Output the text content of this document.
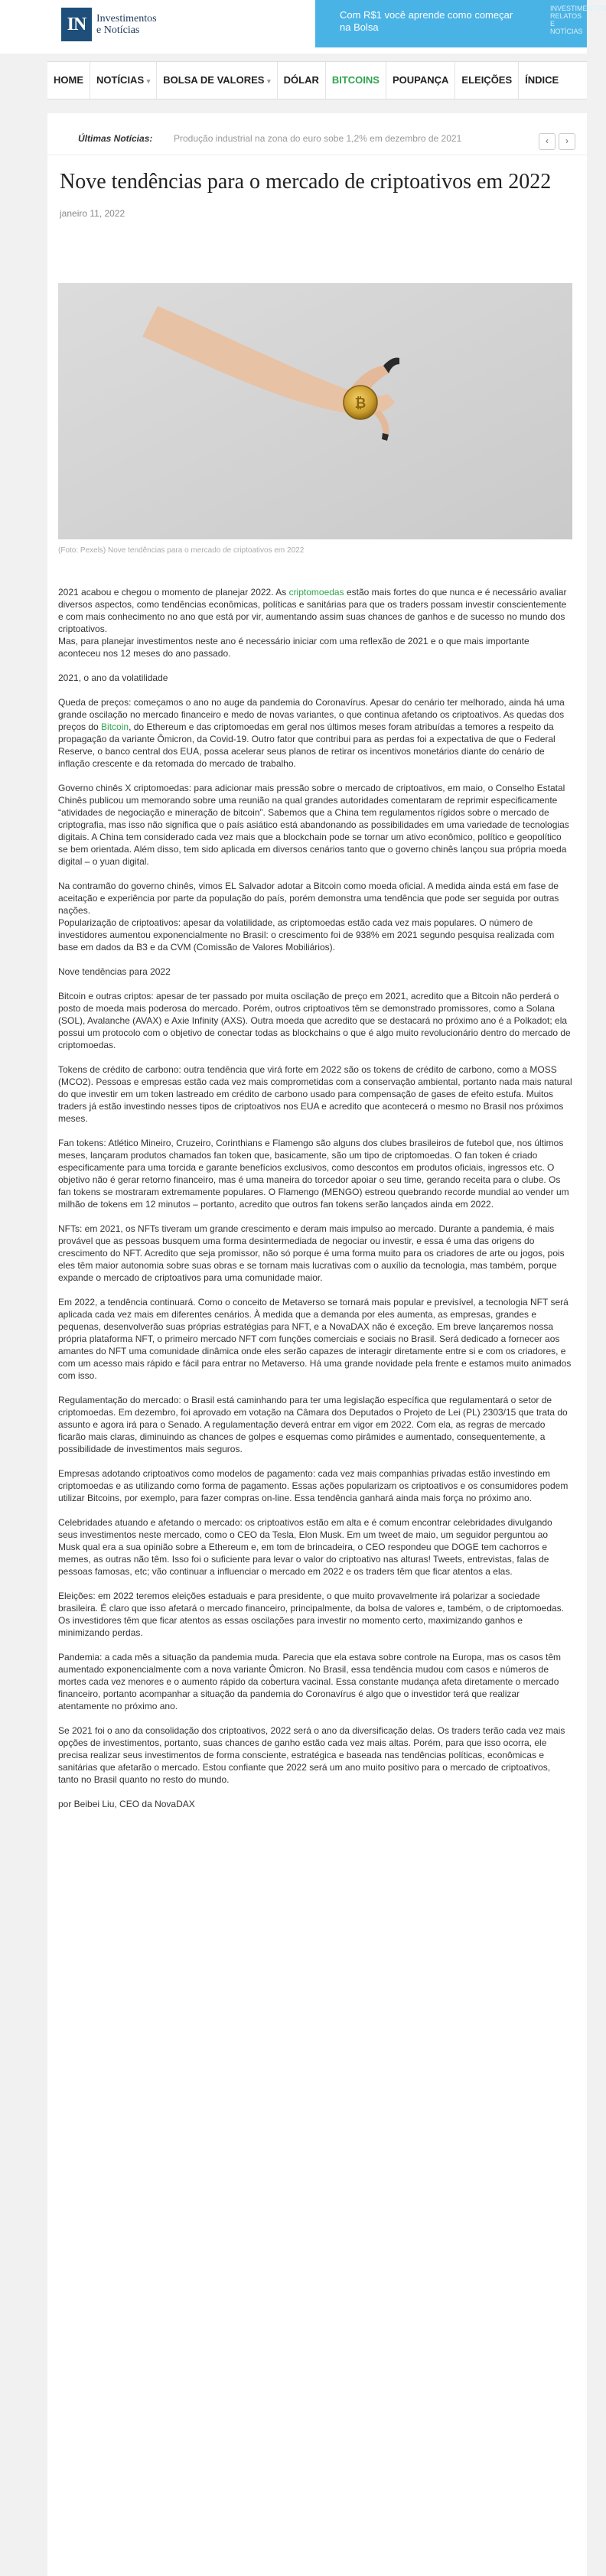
IN Investimentos
e Notícias
Com R$1 você aprende como começar na Bolsa
INVESTIMENTOS RELATOS E NOTÍCIAS
HOME	NOTÍCIAS ▾	BOLSA DE VALORES ▾	DÓLAR	BITCOINS	POUPANÇA	ELEIÇÕES	ÍNDICE
Últimas Notícias: Produção industrial na zona do euro sobe 1,2% em dezembro de 2021	‹	›
Nove tendências para o mercado de criptoativos em 2022
janeiro 11, 2022
₿
(Foto: Pexels) Nove tendências para o mercado de criptoativos em 2022

2021 acabou e chegou o momento de planejar 2022. As criptomoedas estão mais fortes do que nunca e é necessário avaliar diversos aspectos, como tendências econômicas, políticas e sanitárias para que os traders possam investir conscientemente e com mais conhecimento no ano que está por vir, aumentando assim suas chances de ganhos e de sucesso no mundo dos criptoativos.
Mas, para planejar investimentos neste ano é necessário iniciar com uma reflexão de 2021 e o que mais importante aconteceu nos 12 meses do ano passado.

2021, o ano da volatilidade

Queda de preços: começamos o ano no auge da pandemia do Coronavírus. Apesar do cenário ter melhorado, ainda há uma grande oscilação no mercado financeiro e medo de novas variantes, o que continua afetando os criptoativos. As quedas dos preços do Bitcoin, do Ethereum e das criptomoedas em geral nos últimos meses foram atribuídas a temores a respeito da propagação da variante Ômicron, da Covid-19. Outro fator que contribui para as perdas foi a expectativa de que o Federal Reserve, o banco central dos EUA, possa acelerar seus planos de retirar os incentivos monetários diante do cenário de inflação crescente e da retomada do mercado de trabalho.

Governo chinês X criptomoedas: para adicionar mais pressão sobre o mercado de criptoativos, em maio, o Conselho Estatal Chinês publicou um memorando sobre uma reunião na qual grandes autoridades comentaram de reprimir especificamente “atividades de negociação e mineração de bitcoin”. Sabemos que a China tem regulamentos rígidos sobre o mercado de criptografia, mas isso não significa que o país asiático está abandonando as possibilidades em uma variedade de tecnologias digitais. A China tem considerado cada vez mais que a blockchain pode se tornar um ativo econômico, político e geopolítico se bem orientada. Além disso, tem sido aplicada em diversos cenários tanto que o governo chinês lançou sua própria moeda digital – o yuan digital.

Na contramão do governo chinês, vimos EL Salvador adotar a Bitcoin como moeda oficial. A medida ainda está em fase de aceitação e experiência por parte da população do país, porém demonstra uma tendência que pode ser seguida por outras nações.
Popularização de criptoativos: apesar da volatilidade, as criptomoedas estão cada vez mais populares. O número de investidores aumentou exponencialmente no Brasil: o crescimento foi de 938% em 2021 segundo pesquisa realizada com base em dados da B3 e da CVM (Comissão de Valores Mobiliários).

Nove tendências para 2022

Bitcoin e outras criptos: apesar de ter passado por muita oscilação de preço em 2021, acredito que a Bitcoin não perderá o posto de moeda mais poderosa do mercado. Porém, outros criptoativos têm se demonstrado promissores, como a Solana (SOL), Avalanche (AVAX) e Axie Infinity (AXS). Outra moeda que acredito que se destacará no próximo ano é a Polkadot; ela possui um protocolo com o objetivo de conectar todas as blockchains o que é algo muito revolucionário dentro do mercado de criptomoedas.

Tokens de crédito de carbono: outra tendência que virá forte em 2022 são os tokens de crédito de carbono, como a MOSS (MCO2). Pessoas e empresas estão cada vez mais comprometidas com a conservação ambiental, portanto nada mais natural do que investir em um token lastreado em crédito de carbono usado para compensação de gases de efeito estufa. Muitos traders já estão investindo nesses tipos de criptoativos nos EUA e acredito que acontecerá o mesmo no Brasil nos próximos meses.

Fan tokens: Atlético Mineiro, Cruzeiro, Corinthians e Flamengo são alguns dos clubes brasileiros de futebol que, nos últimos meses, lançaram produtos chamados fan token que, basicamente, são um tipo de criptomoedas. O fan token é criado especificamente para uma torcida e garante benefícios exclusivos, como descontos em produtos oficiais, ingressos etc. O objetivo não é gerar retorno financeiro, mas é uma maneira do torcedor apoiar o seu time, gerando receita para o clube. Os fan tokens se mostraram extremamente populares. O Flamengo (MENGO) estreou quebrando recorde mundial ao vender um milhão de tokens em 12 minutos – portanto, acredito que outros fan tokens serão lançados ainda em 2022.

NFTs: em 2021, os NFTs tiveram um grande crescimento e deram mais impulso ao mercado. Durante a pandemia, é mais provável que as pessoas busquem uma forma desintermediada de negociar ou investir, e essa é uma das origens do crescimento do NFT. Acredito que seja promissor, não só porque é uma forma muito para os criadores de arte ou jogos, pois eles têm maior autonomia sobre suas obras e se tornam mais lucrativas com o auxílio da tecnologia, mas também, porque expande o mercado de criptoativos para uma comunidade maior.

Em 2022, a tendência continuará. Como o conceito de Metaverso se tornará mais popular e previsível, a tecnologia NFT será aplicada cada vez mais em diferentes cenários. À medida que a demanda por eles aumenta, as empresas, grandes e pequenas, desenvolverão suas próprias estratégias para NFT, e a NovaDAX não é exceção. Em breve lançaremos nossa própria plataforma NFT, o primeiro mercado NFT com funções comerciais e sociais no Brasil. Será dedicado a fornecer aos amantes do NFT uma comunidade dinâmica onde eles serão capazes de interagir diretamente entre si e com os criadores, e com um acesso mais rápido e fácil para entrar no Metaverso. Há uma grande novidade pela frente e estamos muito animados com isso.

Regulamentação do mercado: o Brasil está caminhando para ter uma legislação específica que regulamentará o setor de criptomoedas. Em dezembro, foi aprovado em votação na Câmara dos Deputados o Projeto de Lei (PL) 2303/15 que trata do assunto e agora irá para o Senado. A regulamentação deverá entrar em vigor em 2022. Com ela, as regras de mercado ficarão mais claras, diminuindo as chances de golpes e esquemas como pirâmides e aumentado, consequentemente, a possibilidade de investimentos mais seguros.

Empresas adotando criptoativos como modelos de pagamento: cada vez mais companhias privadas estão investindo em criptomoedas e as utilizando como forma de pagamento. Essas ações popularizam os criptoativos e os consumidores podem utilizar Bitcoins, por exemplo, para fazer compras on-line. Essa tendência ganhará ainda mais força no próximo ano.

Celebridades atuando e afetando o mercado: os criptoativos estão em alta e é comum encontrar celebridades divulgando seus investimentos neste mercado, como o CEO da Tesla, Elon Musk. Em um tweet de maio, um seguidor perguntou ao Musk qual era a sua opinião sobre a Ethereum e, em tom de brincadeira, o CEO respondeu que DOGE tem cachorros e memes, as outras não têm. Isso foi o suficiente para levar o valor do criptoativo nas alturas! Tweets, entrevistas, falas de pessoas famosas, etc; vão continuar a influenciar o mercado em 2022 e os traders têm que ficar atentos a elas.

Eleições: em 2022 teremos eleições estaduais e para presidente, o que muito provavelmente irá polarizar a sociedade brasileira. É claro que isso afetará o mercado financeiro, principalmente, da bolsa de valores e, também, o de criptomoedas. Os investidores têm que ficar atentos as essas oscilações para investir no momento certo, maximizando ganhos e minimizando perdas.

Pandemia: a cada mês a situação da pandemia muda. Parecia que ela estava sobre controle na Europa, mas os casos têm aumentado exponencialmente com a nova variante Ômicron. No Brasil, essa tendência mudou com casos e números de mortes cada vez menores e o aumento rápido da cobertura vacinal. Essa constante mudança afeta diretamente o mercado financeiro, portanto acompanhar a situação da pandemia do Coronavírus é algo que o investidor terá que realizar atentamente no próximo ano.

Se 2021 foi o ano da consolidação dos criptoativos, 2022 será o ano da diversificação delas. Os traders terão cada vez mais opções de investimentos, portanto, suas chances de ganho estão cada vez mais altas. Porém, para que isso ocorra, ele precisa realizar seus investimentos de forma consciente, estratégica e baseada nas tendências políticas, econômicas e sanitárias que afetarão o mercado. Estou confiante que 2022 será um ano muito positivo para o mercado de criptoativos, tanto no Brasil quanto no resto do mundo.

por Beibei Liu, CEO da NovaDAX
